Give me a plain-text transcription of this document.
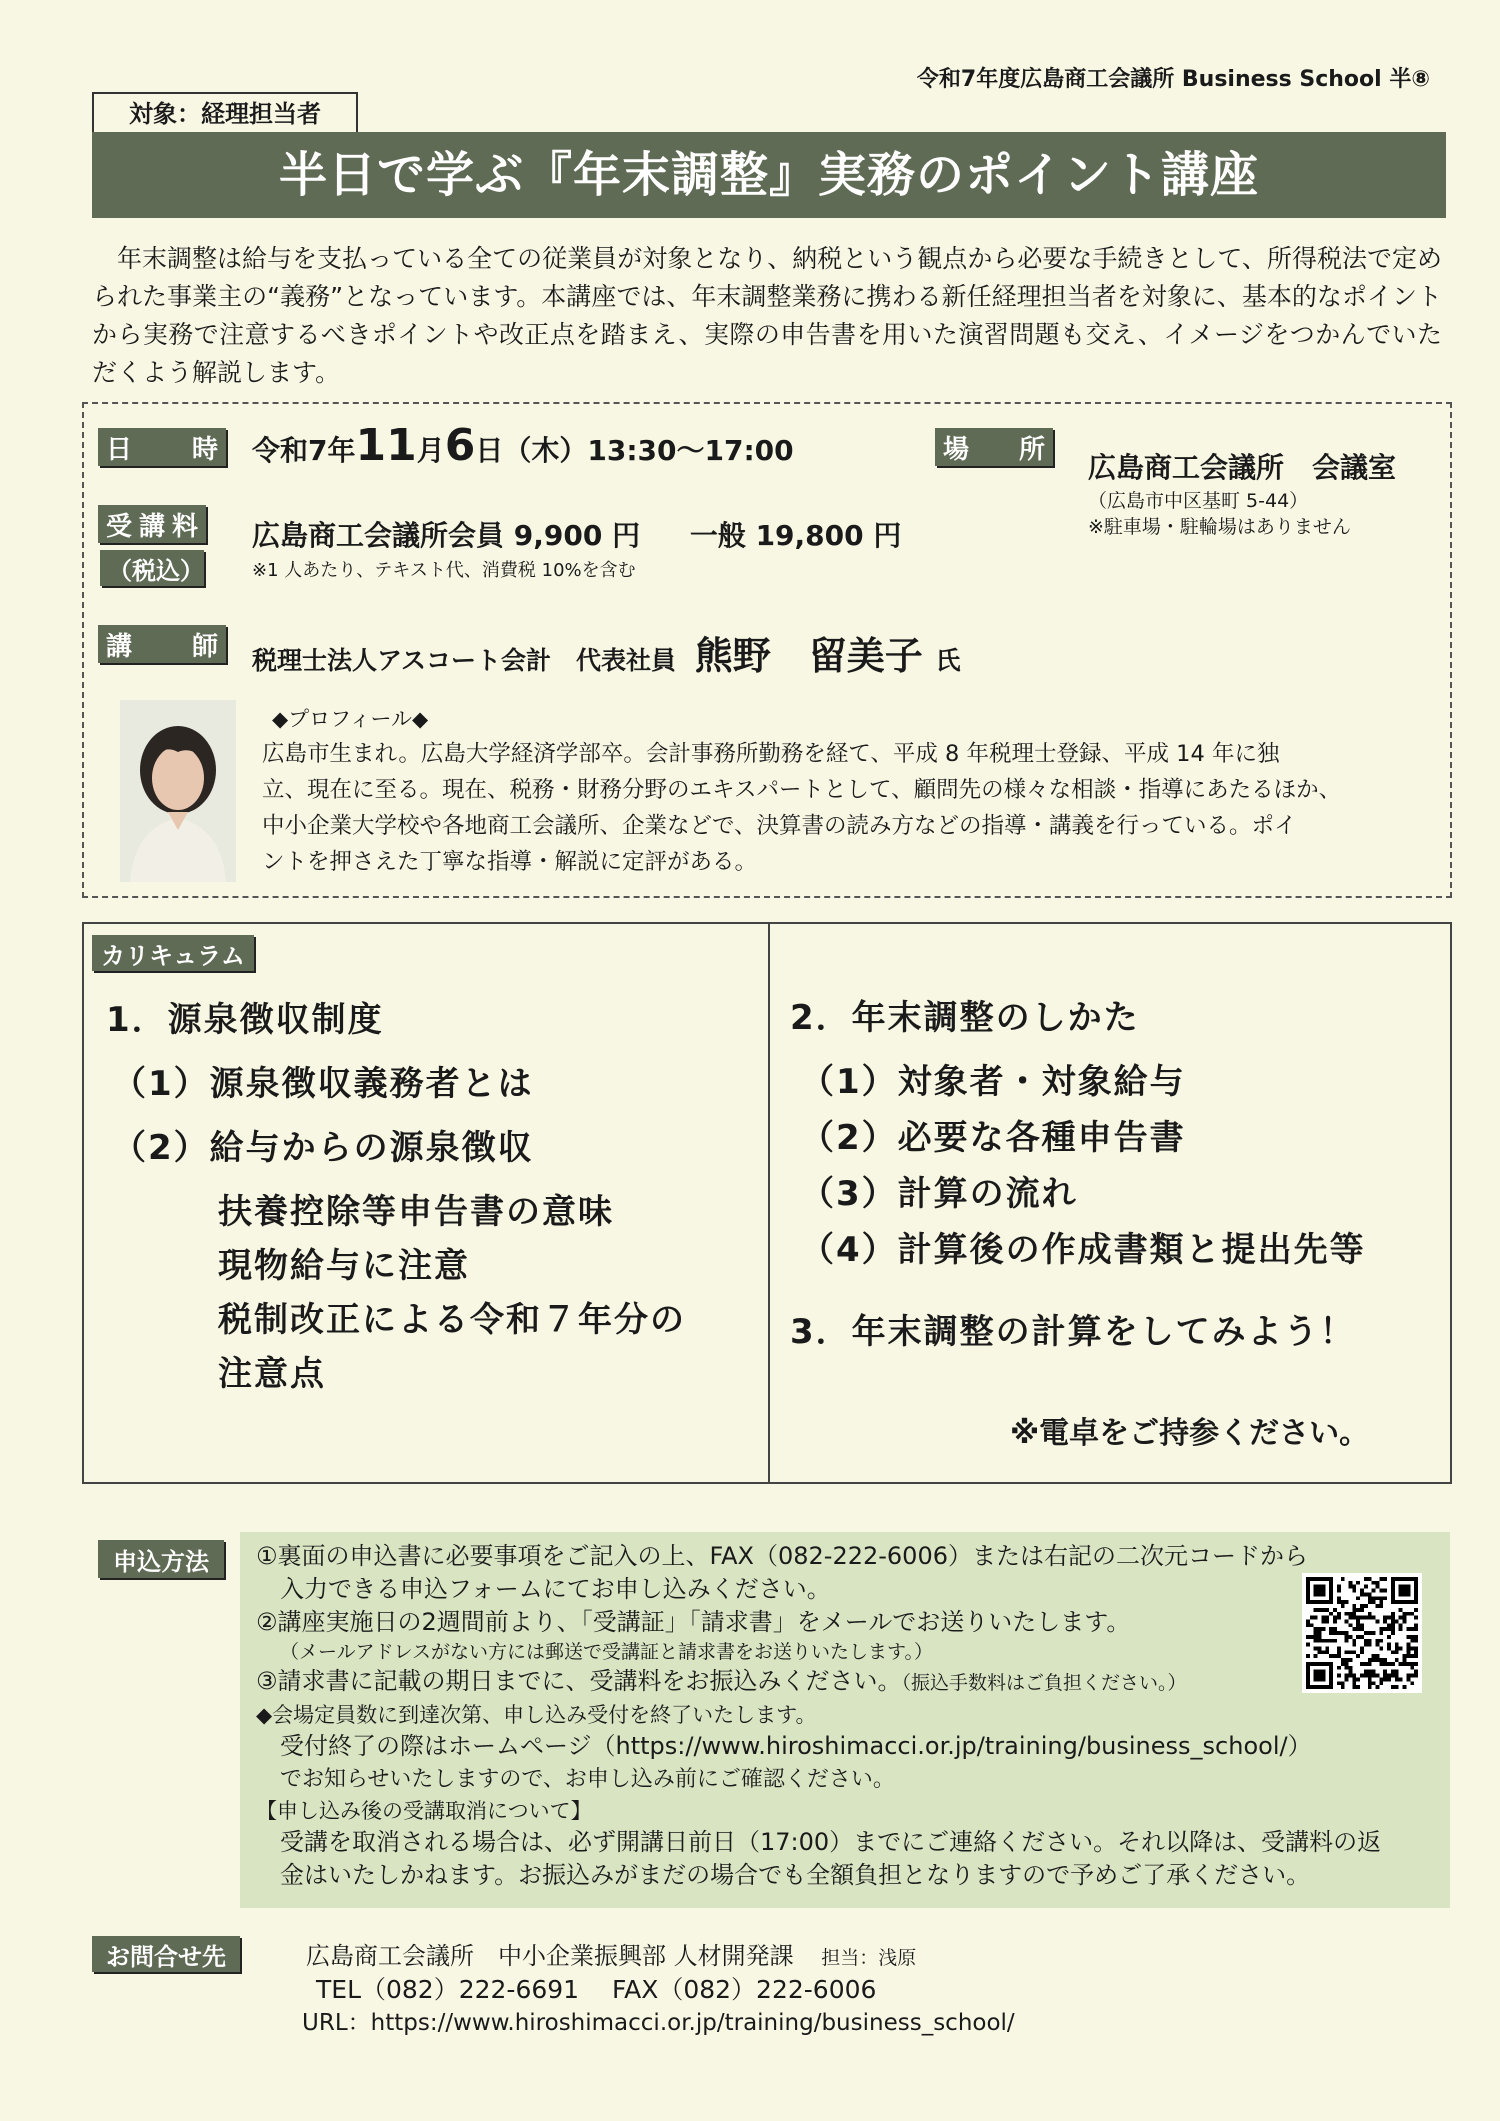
令和7年度広島商工会議所 Business School 半⑧
対象：経理担当者
半日で学ぶ『年末調整』実務のポイント講座
年末調整は給与を支払っている全ての従業員が対象となり、納税という観点から必要な手続きとして、所得税法で定められた事業主の“義務”となっています。本講座では、年末調整業務に携わる新任経理担当者を対象に、基本的なポイントから実務で注意するべきポイントや改正点を踏まえ、実際の申告書を用いた演習問題も交え、イメージをつかんでいただくよう解説します。
日 時 令和7年11月6日（木）13:30～17:00	場 所
広島商工会議所　会議室
（広島市中区基町 5-44）
※駐車場・駐輪場はありません
受 講 料
（税込）
広島商工会議所会員 9,900 円 一般 19,800 円
※1 人あたり、テキスト代、消費税 10%を含む
講 師 税理士法人アスコート会計　代表社員 熊野　留美子 氏
◆プロフィール◆
広島市生まれ。広島大学経済学部卒。会計事務所勤務を経て、平成 8 年税理士登録、平成 14 年に独
立、現在に至る。現在、税務・財務分野のエキスパートとして、顧問先の様々な相談・指導にあたるほか、
中小企業大学校や各地商工会議所、企業などで、決算書の読み方などの指導・講義を行っている。ポイ
ントを押さえた丁寧な指導・解説に定評がある。
カリキュラム
1．源泉徴収制度
（1）源泉徴収義務者とは
（2）給与からの源泉徴収
扶養控除等申告書の意味
現物給与に注意
税制改正による令和７年分の
注意点
2．年末調整のしかた
（1）対象者・対象給与
（2）必要な各種申告書
（3）計算の流れ
（4）計算後の作成書類と提出先等
3．年末調整の計算をしてみよう！
※電卓をご持参ください。
申込方法	①裏面の申込書に必要事項をご記入の上、FAX（082-222-6006）または右記の二次元コードから
入力できる申込フォームにてお申し込みください。
②講座実施日の2週間前より、「受講証」「請求書」をメールでお送りいたします。
（メールアドレスがない方には郵送で受講証と請求書をお送りいたします。）
③請求書に記載の期日までに、受講料をお振込みください。（振込手数料はご負担ください。）
◆会場定員数に到達次第、申し込み受付を終了いたします。
受付終了の際はホームページ（https://www.hiroshimacci.or.jp/training/business_school/）
でお知らせいたしますので、お申し込み前にご確認ください。
【申し込み後の受講取消について】
受講を取消される場合は、必ず開講日前日（17:00）までにご連絡ください。それ以降は、受講料の返
金はいたしかねます。お振込みがまだの場合でも全額負担となりますので予めご了承ください。
お問合せ先	広島商工会議所　中小企業振興部 人材開発課 担当：浅原
TEL（082）222-6691　 FAX（082）222-6006
URL：https://www.hiroshimacci.or.jp/training/business_school/
